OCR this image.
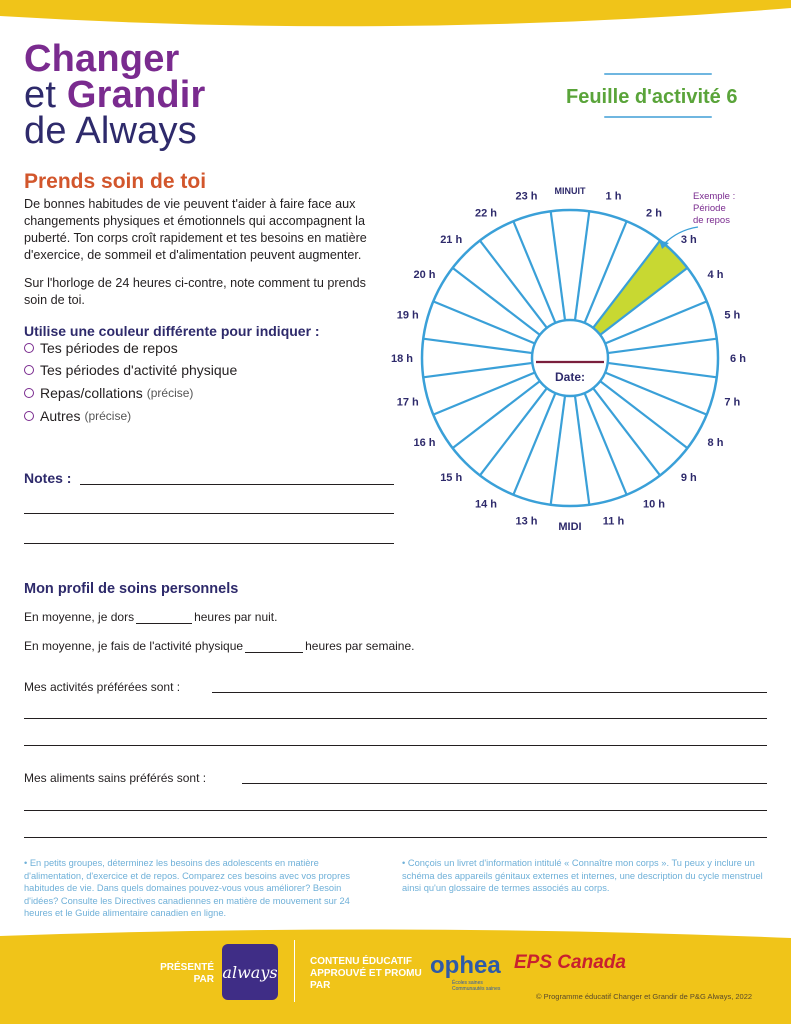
Changer
et Grandir
de Always
Feuille d'activité 6
Prends soin de toi
De bonnes habitudes de vie peuvent t'aider à faire face aux changements physiques et émotionnels qui accompagnent la puberté. Ton corps croît rapidement et tes besoins en matière d'exercice, de sommeil et d'alimentation peuvent augmenter.
Sur l'horloge de 24 heures ci-contre, note comment tu prends soin de toi.
Utilise une couleur différente pour indiquer :
Tes périodes de repos
Tes périodes d'activité physique
Repas/collations (précise)
Autres (précise)
Notes :
MINUIT 1 h
2 h
3 h
4 h
5 h
6 h
7 h
8 h
9 h
10 h
11 h
MIDI
13 h
14 h
15 h
16 h
17 h
18 h
19 h
20 h
21 h
22 h
23 h
Date:
Exemple :
Période
de repos
Mon profil de soins personnels
En moyenne, je dors	heures par nuit.
En moyenne, je fais de l'activité physique	heures par semaine.
Mes activités préférées sont :
Mes aliments sains préférés sont :
• En petits groupes, déterminez les besoins des adolescents en matière d'alimentation, d'exercice et de repos. Comparez ces besoins avec vos propres habitudes de vie. Dans quels domaines pouvez-vous vous améliorer? Besoin d'idées? Consulte les Directives canadiennes en matière de mouvement sur 24 heures et le Guide alimentaire canadien en ligne.
• Conçois un livret d'information intitulé « Connaître mon corps ». Tu peux y inclure un schéma des appareils génitaux externes et internes, une description du cycle menstruel ainsi qu'un glossaire de termes associés au corps.
PRÉSENTÉ PAR always
CONTENU ÉDUCATIF APPROUVÉ ET PROMU PAR
ophea
Écoles saines Communautés saines
EPS Canada
© Programme éducatif Changer et Grandir de P&G Always, 2022
